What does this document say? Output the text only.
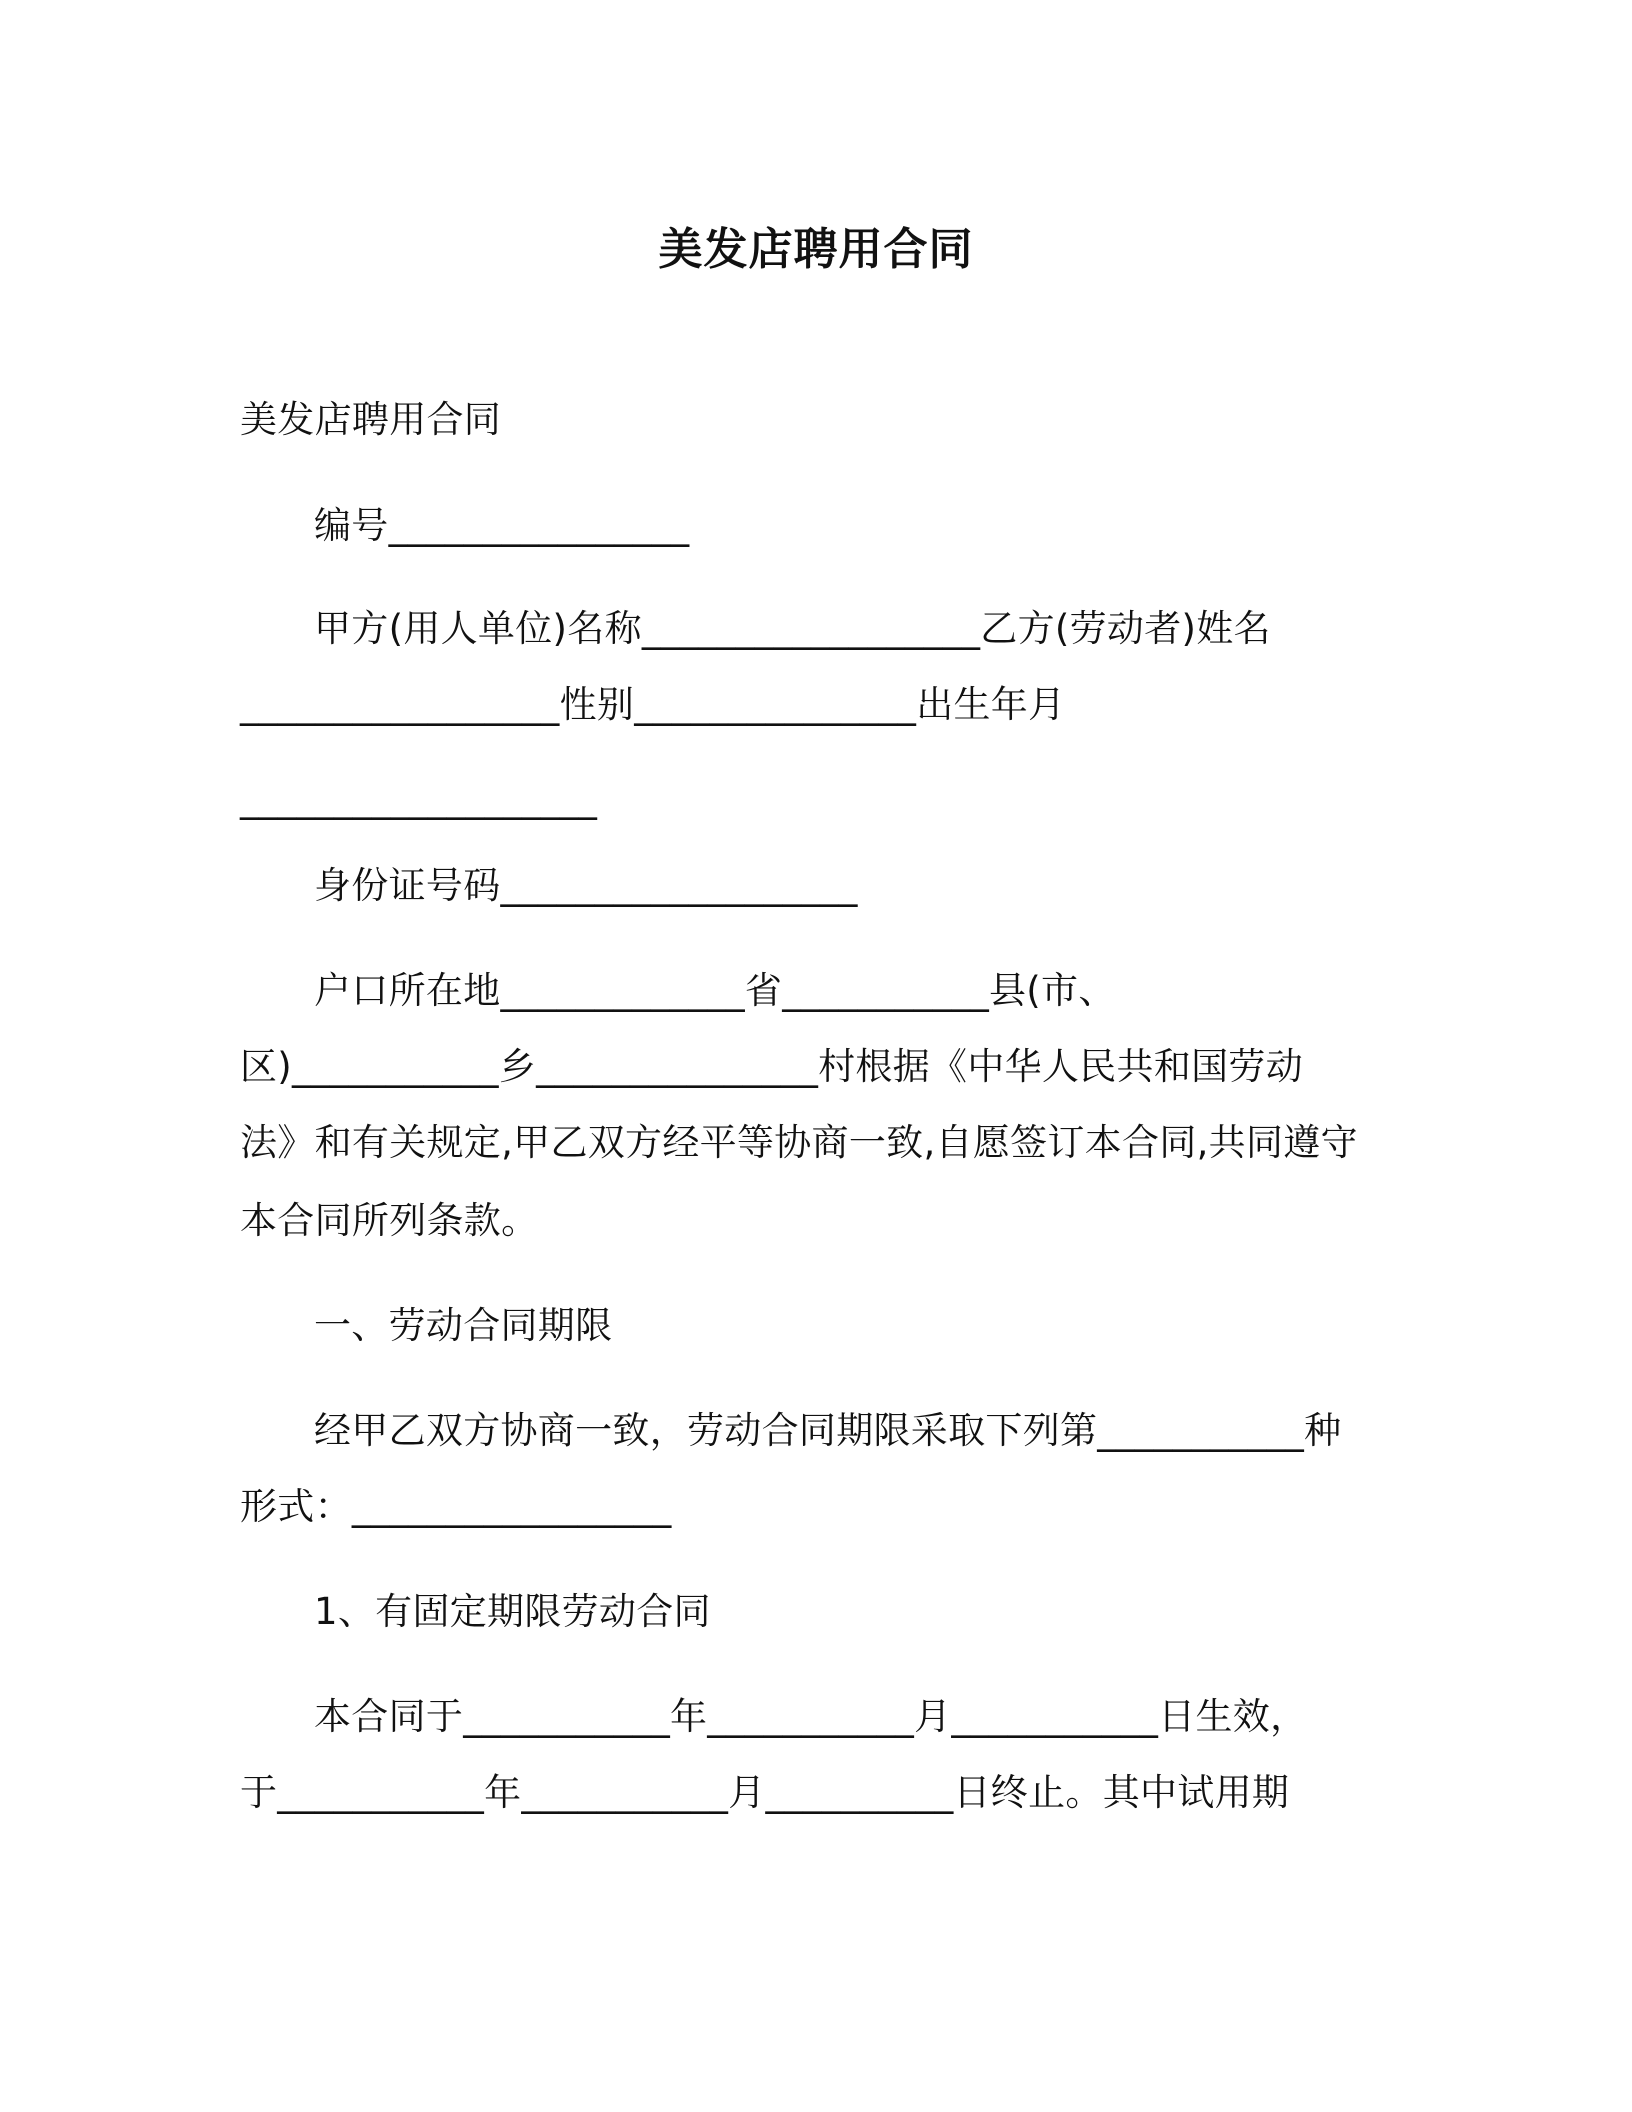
美发店聘用合同

美发店聘用合同

编号________________

甲方(用人单位)名称__________________乙方(劳动者)姓名

_________________性别_______________出生年月

___________________

身份证号码___________________

户口所在地_____________省___________县(市、

区)___________乡_______________村根据《中华人民共和国劳动

法》和有关规定,甲乙双方经平等协商一致,自愿签订本合同,共同遵守

本合同所列条款。

一、劳动合同期限

经甲乙双方协商一致，劳动合同期限采取下列第___________种

形式：_________________

1、有固定期限劳动合同

本合同于___________年___________月___________日生效，

于___________年___________月__________日终止。其中试用期
